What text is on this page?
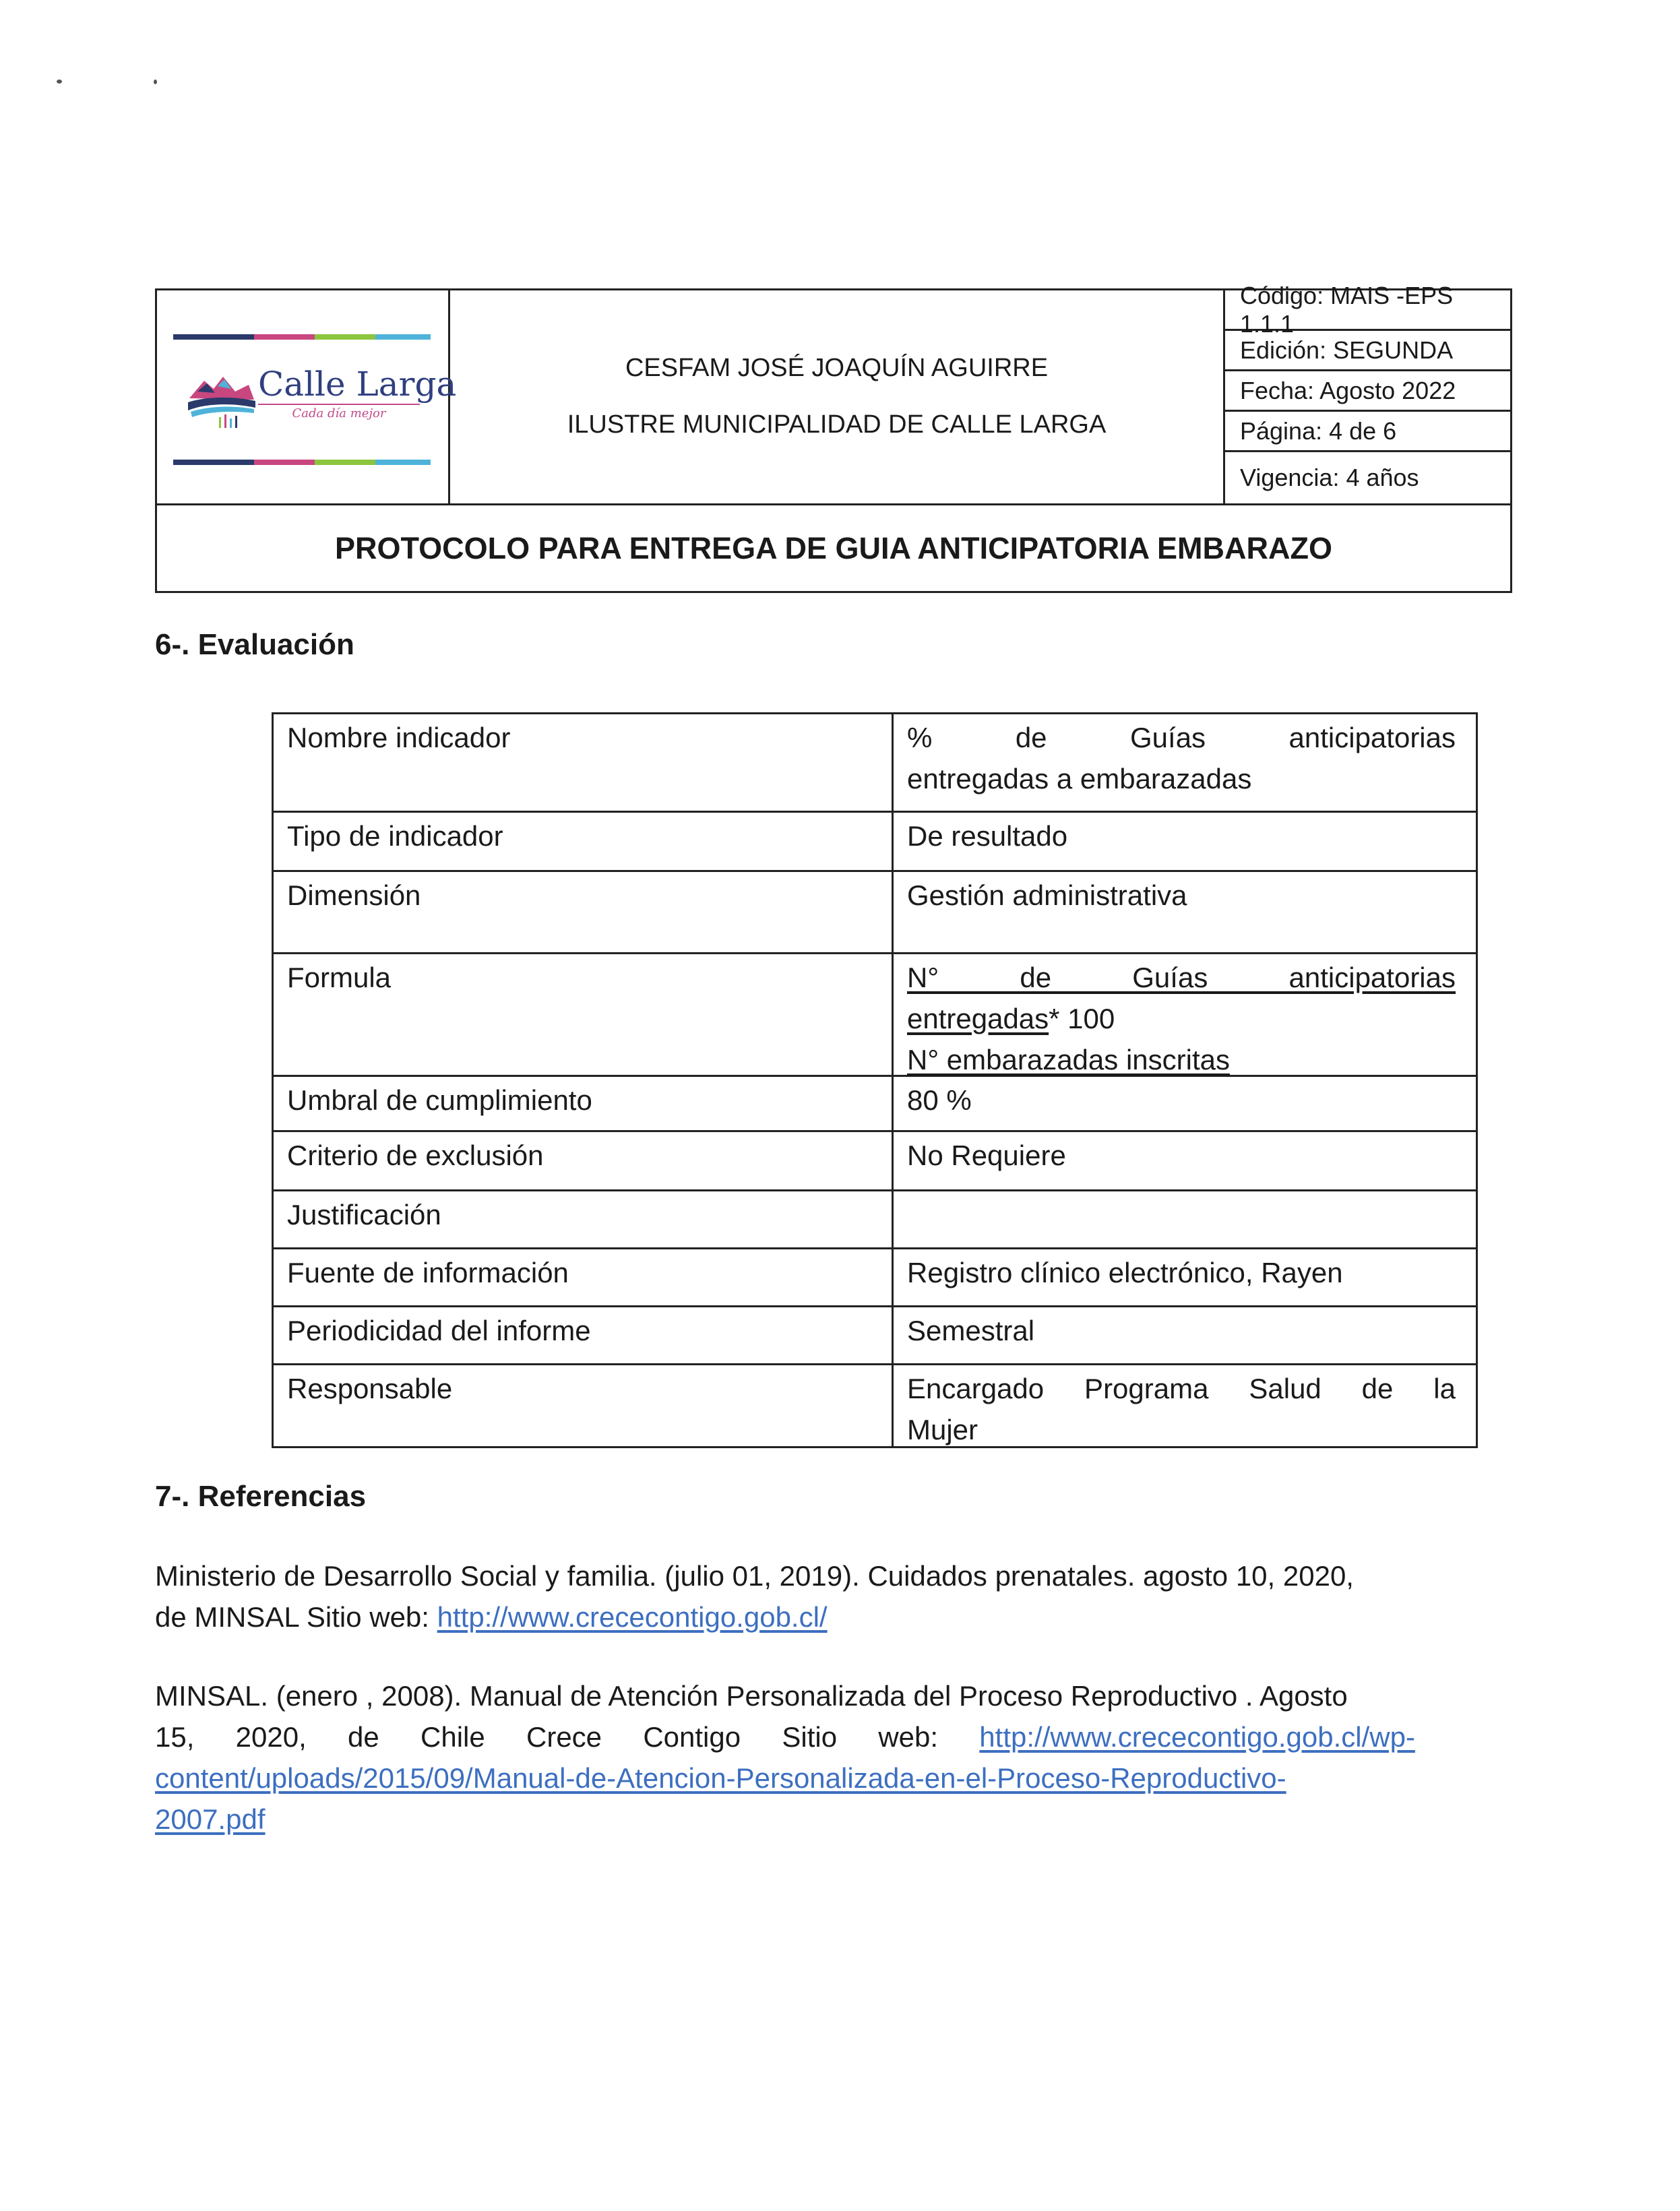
Calle Larga
Cada día mejor
CESFAM JOSÉ JOAQUÍN AGUIRRE
ILUSTRE MUNICIPALIDAD DE CALLE LARGA
Código: MAIS -EPS 1.1.1
Edición: SEGUNDA
Fecha: Agosto 2022
Página: 4 de 6
Vigencia: 4 años
PROTOCOLO PARA ENTREGA DE GUIA ANTICIPATORIA EMBARAZO
6-. Evaluación
Nombre indicador	% de Guías anticipatorias
entregadas a embarazadas
Tipo de indicador	De resultado
Dimensión	Gestión administrativa
Formula	N° de Guías anticipatorias
entregadas* 100
N° embarazadas inscritas
Umbral de cumplimiento	80 %
Criterio de exclusión	No Requiere
Justificación
Fuente de información	Registro clínico electrónico, Rayen
Periodicidad del informe	Semestral
Responsable	Encargado Programa Salud de la
Mujer
7-. Referencias
Ministerio de Desarrollo Social y familia. (julio 01, 2019). Cuidados prenatales. agosto 10, 2020,
de MINSAL Sitio web: http://www.crececontigo.gob.cl/
MINSAL. (enero , 2008). Manual de Atención Personalizada del Proceso Reproductivo . Agosto
15, 2020, de Chile Crece Contigo Sitio web: http://www.crececontigo.gob.cl/wp-
content/uploads/2015/09/Manual-de-Atencion-Personalizada-en-el-Proceso-Reproductivo-
2007.pdf
